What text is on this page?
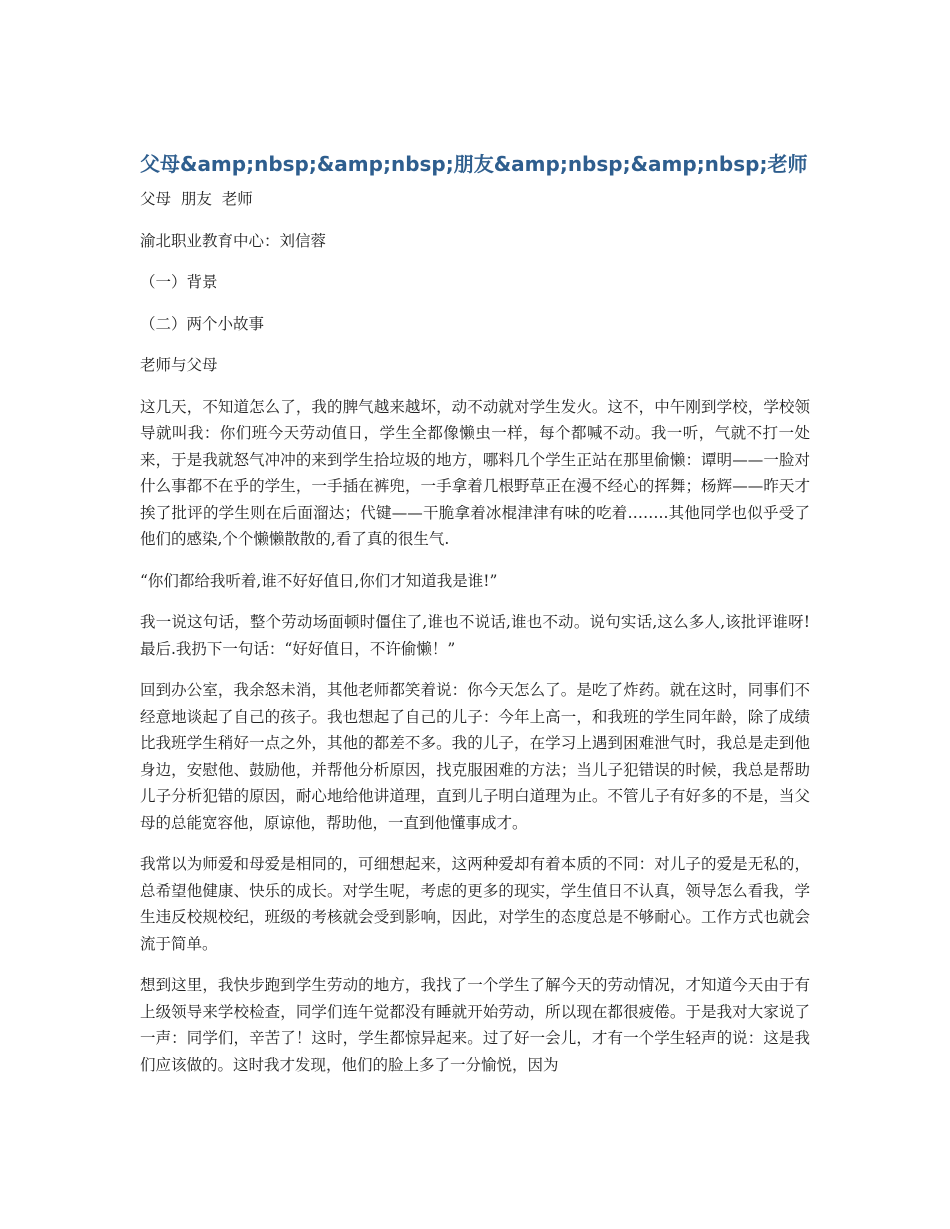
父母&amp;nbsp;&amp;nbsp;朋友&amp;nbsp;&amp;nbsp;老师

父母  朋友  老师

渝北职业教育中心：刘信蓉

（一）背景

（二）两个小故事

老师与父母

这几天，不知道怎么了，我的脾气越来越坏，动不动就对学生发火。这不，中午刚到学校，学校领导就叫我：你们班今天劳动值日，学生全都像懒虫一样，每个都喊不动。我一听，气就不打一处来，于是我就怒气冲冲的来到学生拾垃圾的地方，哪料几个学生正站在那里偷懒：谭明——一脸对什么事都不在乎的学生，一手插在裤兜，一手拿着几根野草正在漫不经心的挥舞；杨辉——昨天才挨了批评的学生则在后面溜达；代键——干脆拿着冰棍津津有味的吃着……..其他同学也似乎受了他们的感染,个个懒懒散散的,看了真的很生气.

“你们都给我听着,谁不好好值日,你们才知道我是谁!”

我一说这句话，整个劳动场面顿时僵住了,谁也不说话,谁也不动。说句实话,这么多人,该批评谁呀!最后.我扔下一句话：“好好值日，不许偷懒！”

回到办公室，我余怒未消，其他老师都笑着说：你今天怎么了。是吃了炸药。就在这时，同事们不经意地谈起了自己的孩子。我也想起了自己的儿子：今年上高一，和我班的学生同年龄，除了成绩比我班学生稍好一点之外，其他的都差不多。我的儿子，在学习上遇到困难泄气时，我总是走到他身边，安慰他、鼓励他，并帮他分析原因，找克服困难的方法；当儿子犯错误的时候，我总是帮助儿子分析犯错的原因，耐心地给他讲道理，直到儿子明白道理为止。不管儿子有好多的不是，当父母的总能宽容他，原谅他，帮助他，一直到他懂事成才。

我常以为师爱和母爱是相同的，可细想起来，这两种爱却有着本质的不同：对儿子的爱是无私的，总希望他健康、快乐的成长。对学生呢，考虑的更多的现实，学生值日不认真，领导怎么看我，学生违反校规校纪，班级的考核就会受到影响，因此，对学生的态度总是不够耐心。工作方式也就会流于简单。

想到这里，我快步跑到学生劳动的地方，我找了一个学生了解今天的劳动情况，才知道今天由于有上级领导来学校检查，同学们连午觉都没有睡就开始劳动，所以现在都很疲倦。于是我对大家说了一声：同学们，辛苦了！这时，学生都惊异起来。过了好一会儿，才有一个学生轻声的说：这是我们应该做的。这时我才发现，他们的脸上多了一分愉悦，因为
